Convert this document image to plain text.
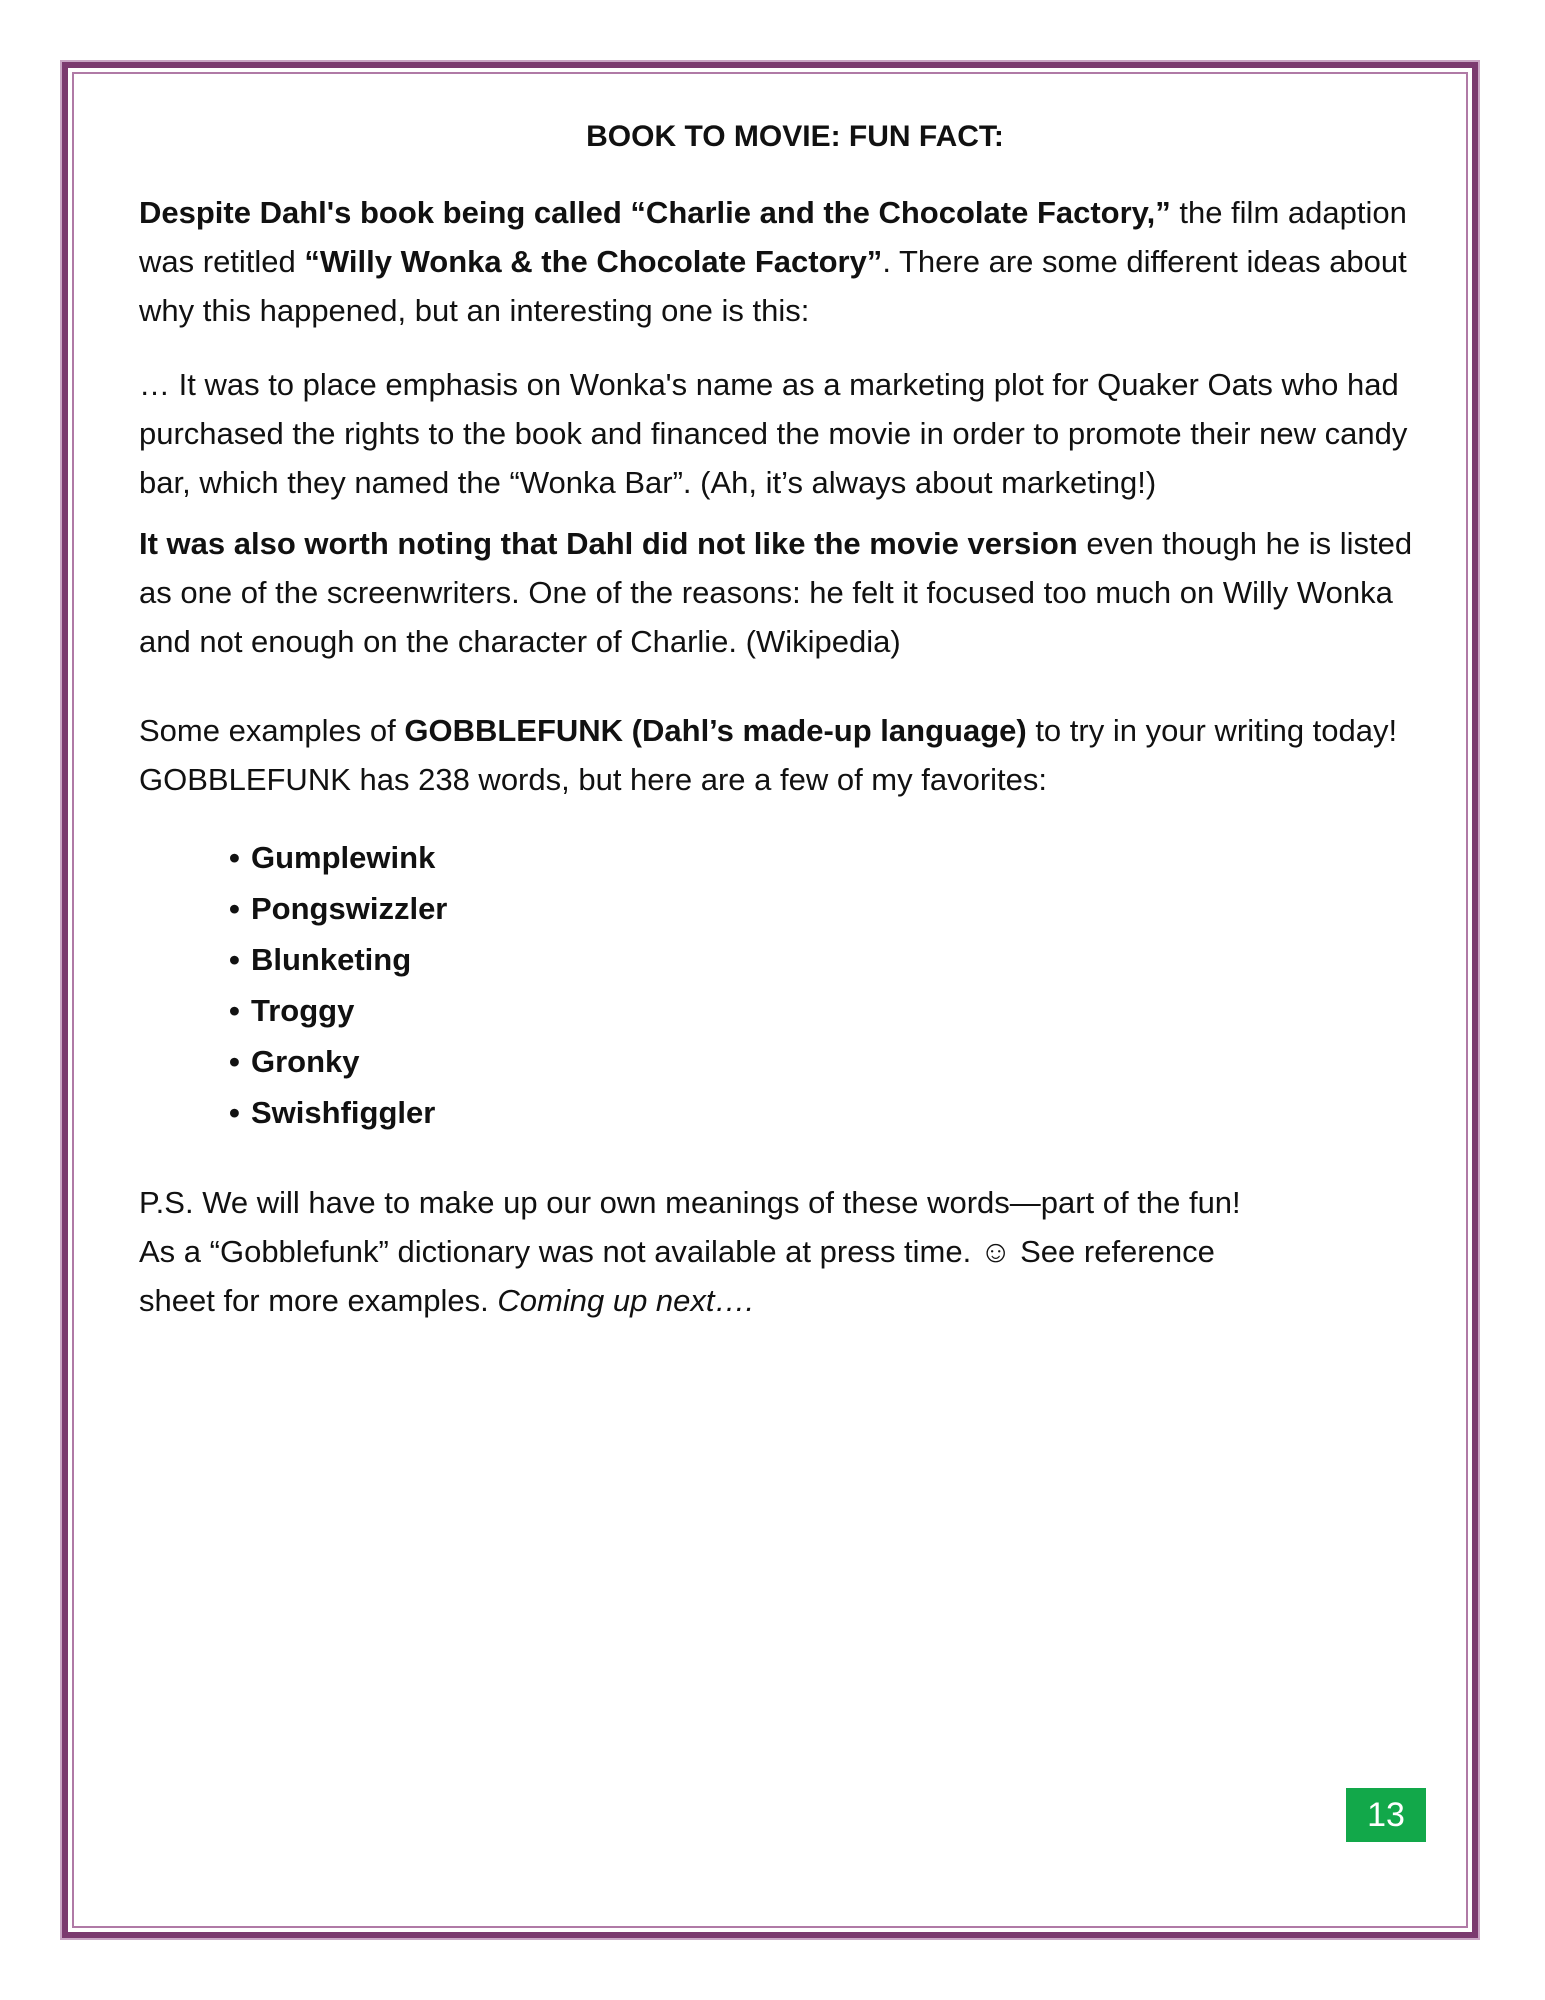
BOOK TO MOVIE: FUN FACT:

Despite Dahl's book being called “Charlie and the Chocolate Factory,” the film adaption was retitled “Willy Wonka & the Chocolate Factory”. There are some different ideas about why this happened, but an interesting one is this:

… It was to place emphasis on Wonka's name as a marketing plot for Quaker Oats who had purchased the rights to the book and financed the movie in order to promote their new candy bar, which they named the “Wonka Bar”. (Ah, it’s always about marketing!)

It was also worth noting that Dahl did not like the movie version even though he is listed as one of the screenwriters. One of the reasons: he felt it focused too much on Willy Wonka and not enough on the character of Charlie. (Wikipedia)

Some examples of GOBBLEFUNK (Dahl’s made-up language) to try in your writing today! GOBBLEFUNK has 238 words, but here are a few of my favorites:

• Gumplewink
• Pongswizzler
• Blunketing
• Troggy
• Gronky
• Swishfiggler

P.S. We will have to make up our own meanings of these words—part of the fun!

As a “Gobblefunk” dictionary was not available at press time. ☺ See reference

sheet for more examples. Coming up next….

13
